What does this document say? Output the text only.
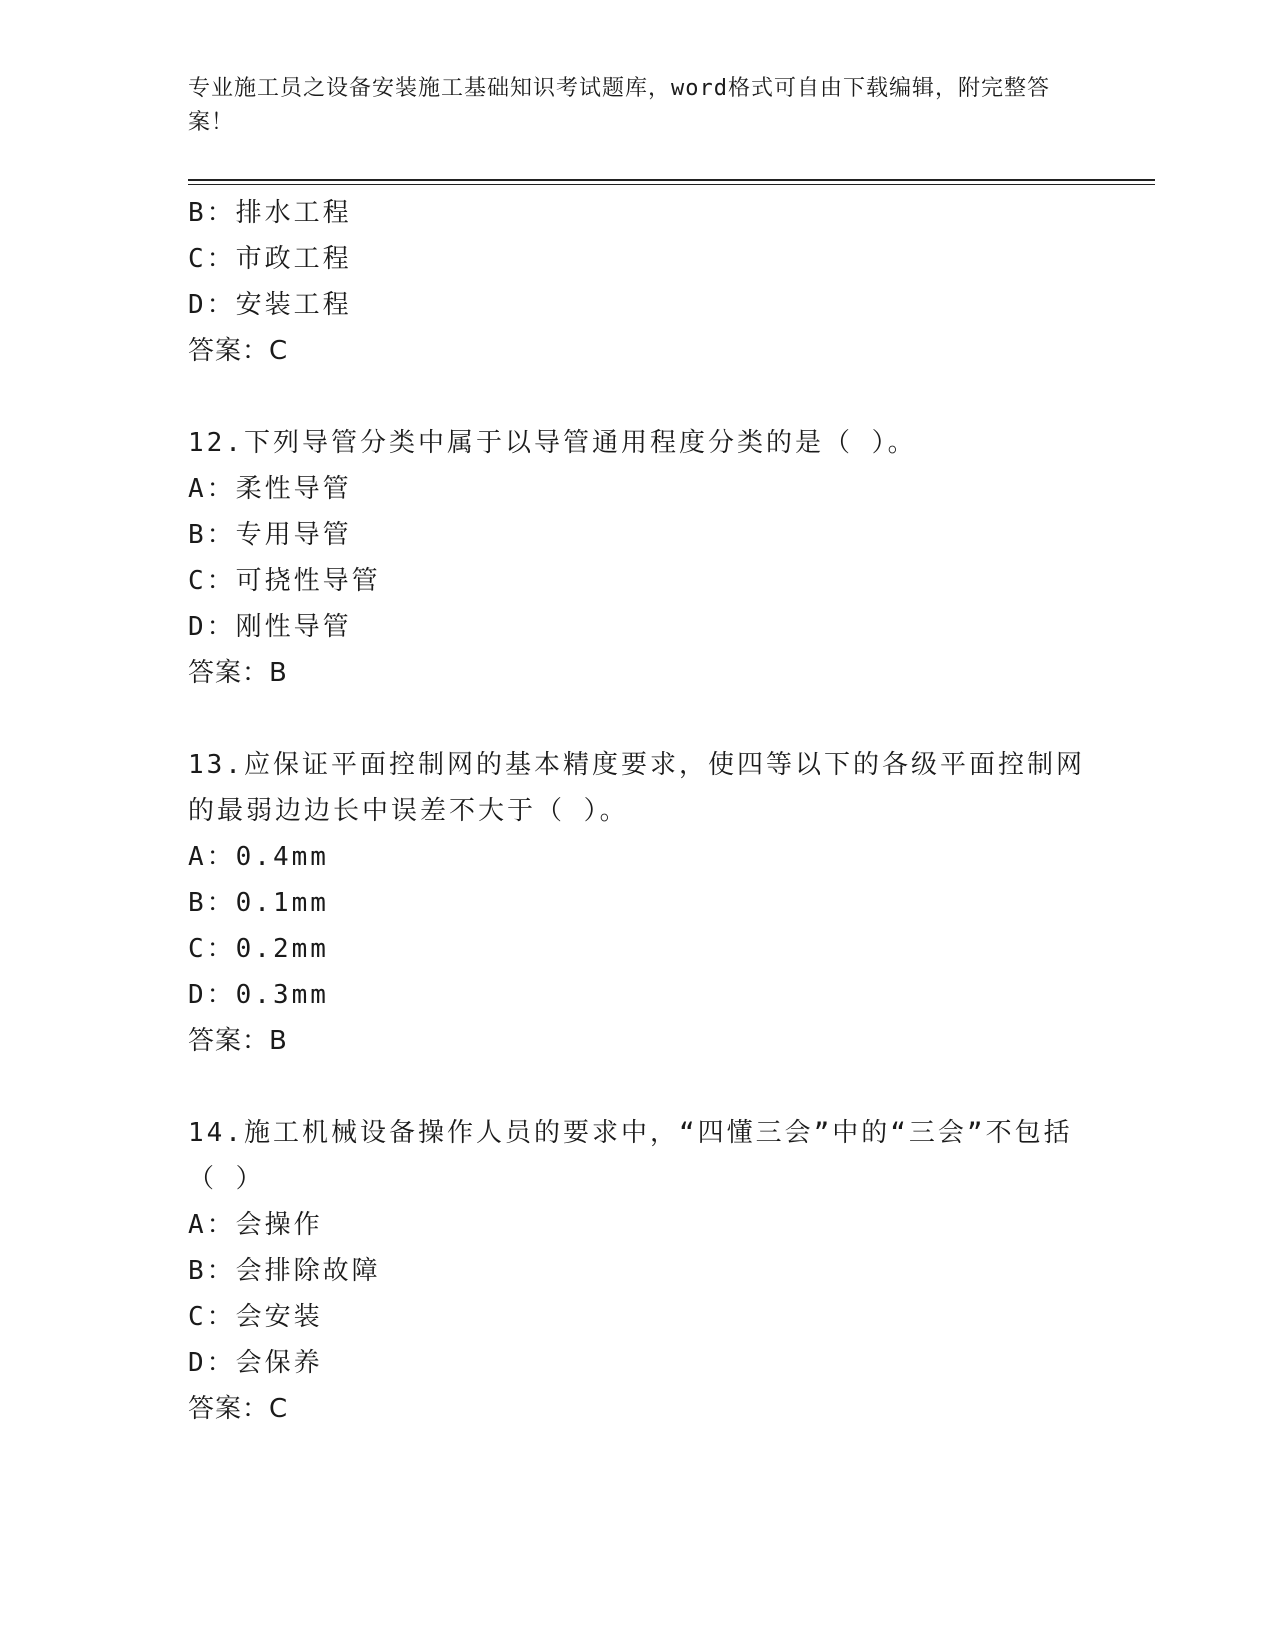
专业施工员之设备安装施工基础知识考试题库，word格式可自由下载编辑，附完整答案！
B：排水工程
C：市政工程
D：安装工程
答案：C
12.下列导管分类中属于以导管通用程度分类的是（ ）。
A：柔性导管
B：专用导管
C：可挠性导管
D：刚性导管
答案：B
13.应保证平面控制网的基本精度要求，使四等以下的各级平面控制网的最弱边边长中误差不大于（ ）。
A：0.4mm
B：0.1mm
C：0.2mm
D：0.3mm
答案：B
14.施工机械设备操作人员的要求中，“四懂三会”中的“三会”不包括（ ）
A：会操作
B：会排除故障
C：会安装
D：会保养
答案：C
